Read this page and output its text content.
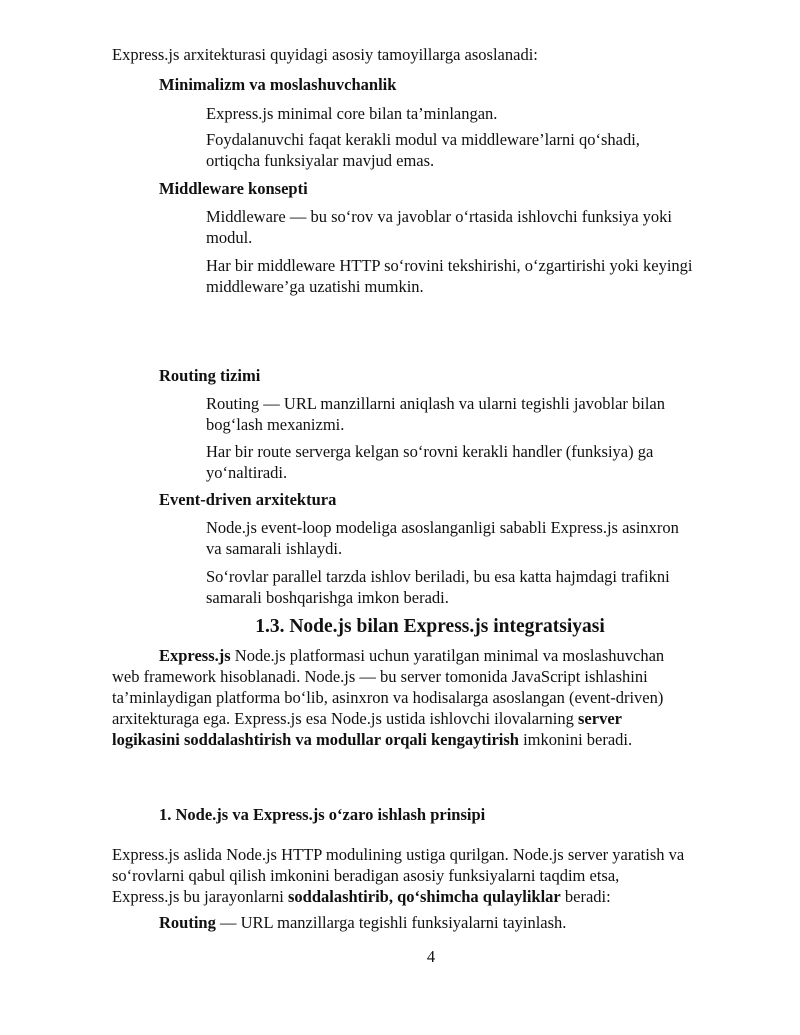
Express.js arxitekturasi quyidagi asosiy tamoyillarga asoslanadi:
Minimalizm va moslashuvchanlik
Express.js minimal core bilan ta’minlangan.
Foydalanuvchi faqat kerakli modul va middleware’larni qo‘shadi,
ortiqcha funksiyalar mavjud emas.
Middleware konsepti
Middleware — bu so‘rov va javoblar o‘rtasida ishlovchi funksiya yoki
modul.
Har bir middleware HTTP so‘rovini tekshirishi, o‘zgartirishi yoki keyingi
middleware’ga uzatishi mumkin.
Routing tizimi
Routing — URL manzillarni aniqlash va ularni tegishli javoblar bilan
bog‘lash mexanizmi.
Har bir route serverga kelgan so‘rovni kerakli handler (funksiya) ga
yo‘naltiradi.
Event-driven arxitektura
Node.js event-loop modeliga asoslanganligi sababli Express.js asinxron
va samarali ishlaydi.
So‘rovlar parallel tarzda ishlov beriladi, bu esa katta hajmdagi trafikni
samarali boshqarishga imkon beradi.
1.3. Node.js bilan Express.js integratsiyasi
Express.js Node.js platformasi uchun yaratilgan minimal va moslashuvchan
web framework hisoblanadi. Node.js — bu server tomonida JavaScript ishlashini
ta’minlaydigan platforma bo‘lib, asinxron va hodisalarga asoslangan (event-driven)
arxitekturaga ega. Express.js esa Node.js ustida ishlovchi ilovalarning server
logikasini soddalashtirish va modullar orqali kengaytirish imkonini beradi.
1. Node.js va Express.js o‘zaro ishlash prinsipi
Express.js aslida Node.js HTTP modulining ustiga qurilgan. Node.js server yaratish va
so‘rovlarni qabul qilish imkonini beradigan asosiy funksiyalarni taqdim etsa,
Express.js bu jarayonlarni soddalashtirib, qo‘shimcha qulayliklar beradi:
Routing — URL manzillarga tegishli funksiyalarni tayinlash.
4
